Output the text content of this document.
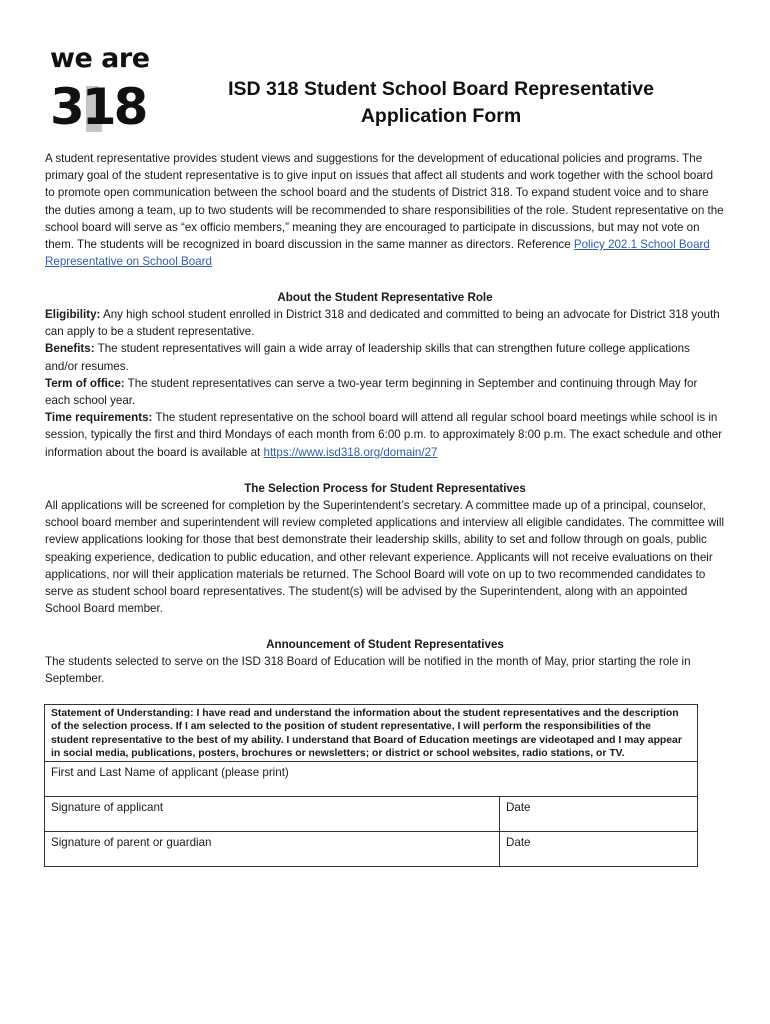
we are
318	ISD 318 Student School Board Representative
Application Form

A student representative provides student views and suggestions for the development of educational policies and programs. The primary goal of the student representative is to give input on issues that affect all students and work together with the school board to promote open communication between the school board and the students of District 318. To expand student voice and to share the duties among a team, up to two students will be recommended to share responsibilities of the role. Student representative on the school board will serve as “ex officio members,” meaning they are encouraged to participate in discussions, but may not vote on them. The students will be recognized in board discussion in the same manner as directors. Reference Policy 202.1 School Board Representative on School Board

About the Student Representative Role

Eligibility: Any high school student enrolled in District 318 and dedicated and committed to being an advocate for District 318 youth can apply to be a student representative.

Benefits: The student representatives will gain a wide array of leadership skills that can strengthen future college applications and/or resumes.

Term of office: The student representatives can serve a two-year term beginning in September and continuing through May for each school year.

Time requirements: The student representative on the school board will attend all regular school board meetings while school is in session, typically the first and third Mondays of each month from 6:00 p.m. to approximately 8:00 p.m. The exact schedule and other information about the board is available at https://www.isd318.org/domain/27

The Selection Process for Student Representatives

All applications will be screened for completion by the Superintendent’s secretary. A committee made up of a principal, counselor, school board member and superintendent will review completed applications and interview all eligible candidates. The committee will review applications looking for those that best demonstrate their leadership skills, ability to set and follow through on goals, public speaking experience, dedication to public education, and other relevant experience. Applicants will not receive evaluations on their applications, nor will their application materials be returned. The School Board will vote on up to two recommended candidates to serve as student school board representatives. The student(s) will be advised by the Superintendent, along with an appointed School Board member.

Announcement of Student Representatives

The students selected to serve on the ISD 318 Board of Education will be notified in the month of May, prior starting the role in September.

Statement of Understanding: I have read and understand the information about the student representatives and the description of the selection process. If I am selected to the position of student representative, I will perform the responsibilities of the student representative to the best of my ability. I understand that Board of Education meetings are videotaped and I may appear in social media, publications, posters, brochures or newsletters; or district or school websites, radio stations, or TV.	
First and Last Name of applicant (please print)	
Signature of applicant	Date
Signature of parent or guardian	Date
